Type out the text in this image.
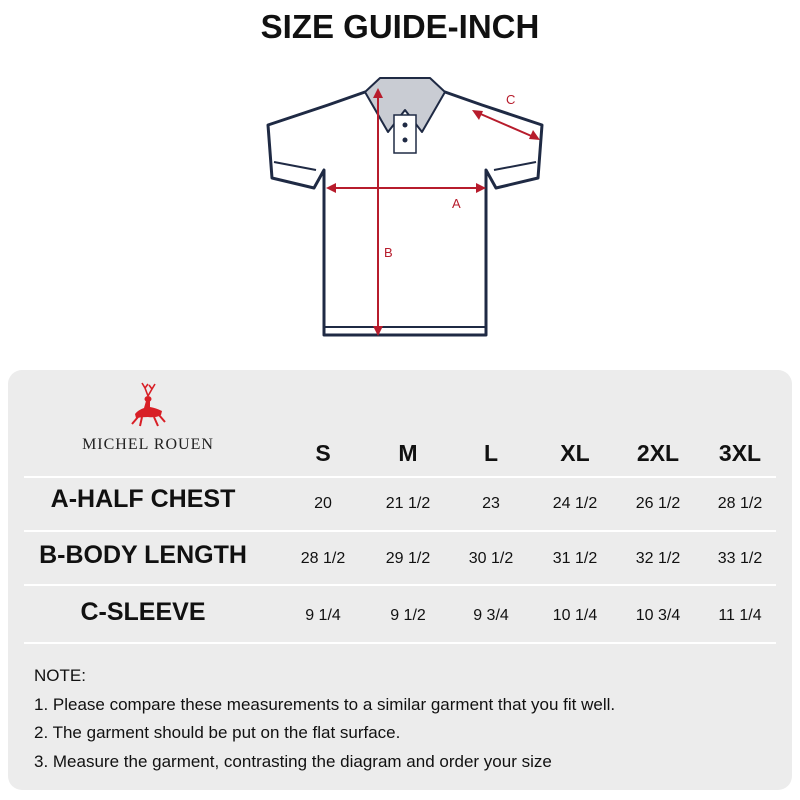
SIZE GUIDE-INCH
A
B
C
MICHEL ROUEN	S	M	L	XL	2XL	3XL
A-HALF CHEST	20	21 1/2	23	24 1/2	26 1/2	28 1/2
B-BODY LENGTH	28 1/2	29 1/2	30 1/2	31 1/2	32 1/2	33 1/2
C-SLEEVE	9 1/4	9 1/2	9 3/4	10 1/4	10 3/4	11 1/4
NOTE:
1. Please compare these measurements to a similar garment that you fit well.
2. The garment should be put on the flat surface.
3. Measure the garment, contrasting the diagram and order your size
